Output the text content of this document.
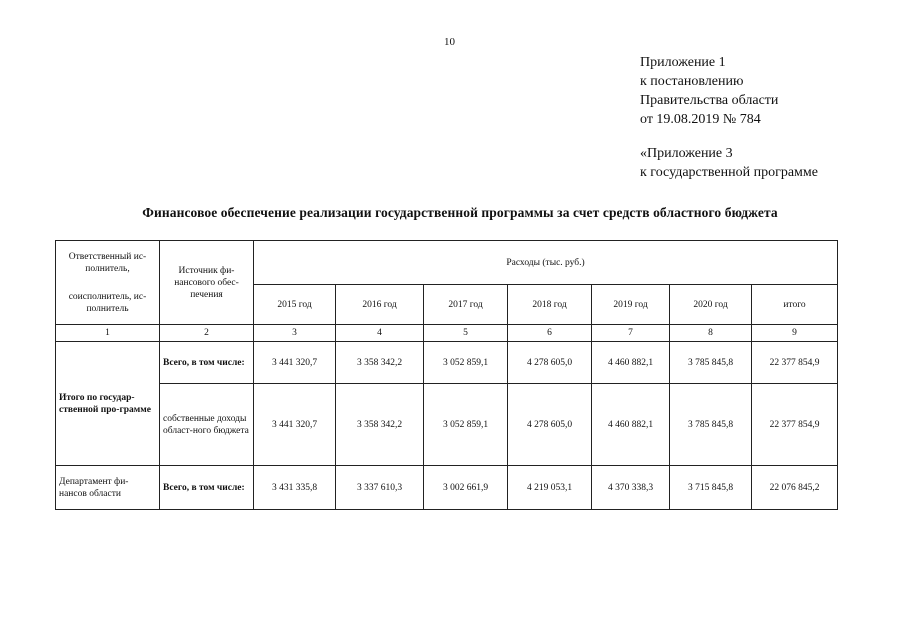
10
Приложение 1
к постановлению
Правительства области
от 19.08.2019 № 784
«Приложение 3
к государственной программе
Финансовое обеспечение реализации государственной программы за счет средств областного бюджета
Ответственный ис-полнитель,
соисполнитель, ис-полнитель	Источник фи-нансового обес-печения	Расходы (тыс. руб.)						
		2015 год	2016 год	2017 год	2018 год	2019 год	2020 год	итого
1	2	3	4	5	6	7	8	9
Итого по государ-ственной про-грамме	Всего, в том числе:	3 441 320,7	3 358 342,2	3 052 859,1	4 278 605,0	4 460 882,1	3 785 845,8	22 377 854,9
	собственные доходы област-ного бюджета	3 441 320,7	3 358 342,2	3 052 859,1	4 278 605,0	4 460 882,1	3 785 845,8	22 377 854,9
Департамент фи-нансов области	Всего, в том числе:	3 431 335,8	3 337 610,3	3 002 661,9	4 219 053,1	4 370 338,3	3 715 845,8	22 076 845,2
